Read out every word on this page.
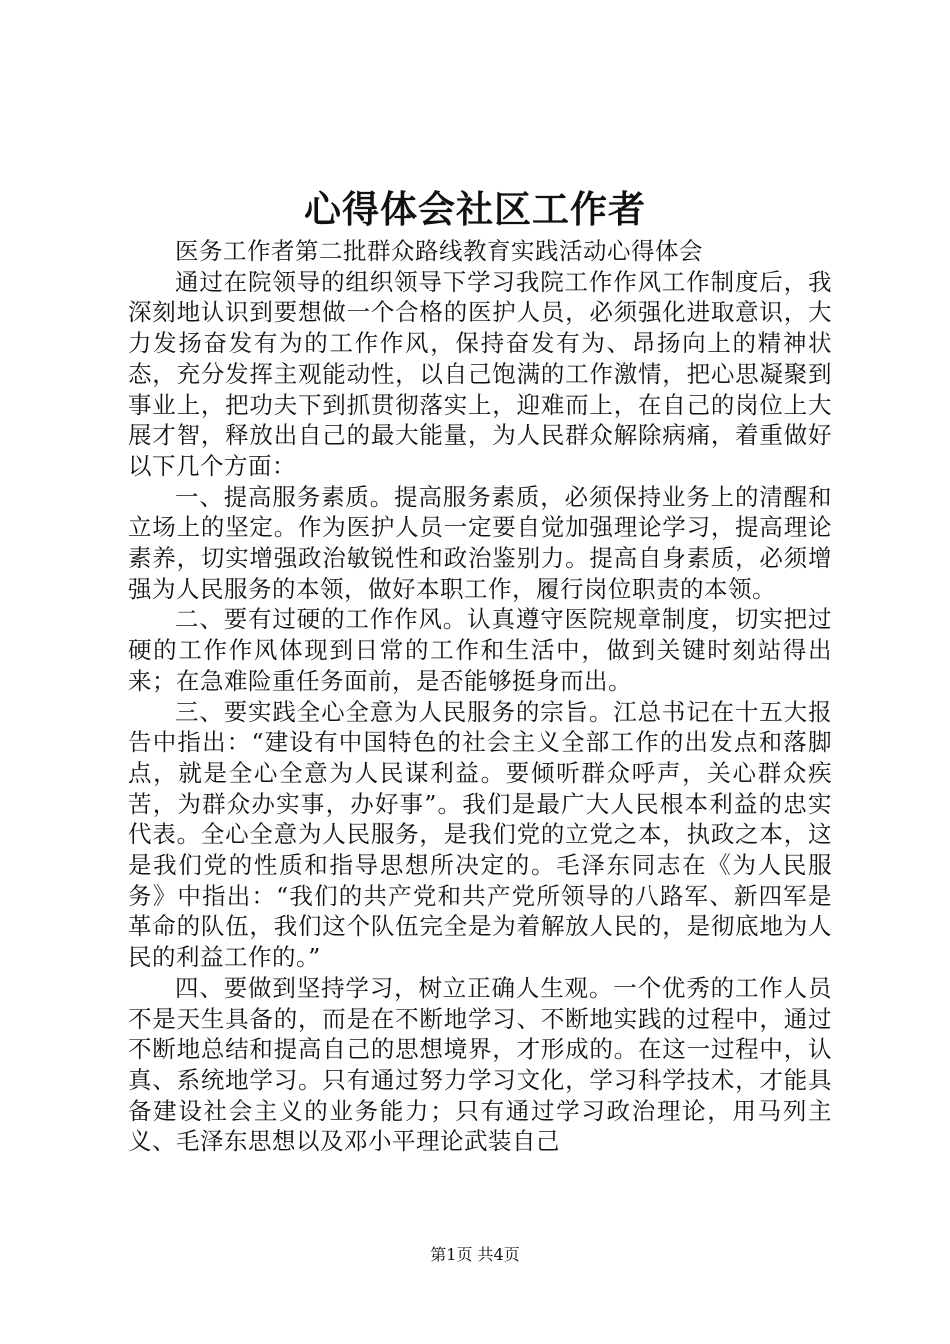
心得体会社区工作者

医务工作者第二批群众路线教育实践活动心得体会

通过在院领导的组织领导下学习我院工作作风工作制度后，我深刻地认识到要想做一个合格的医护人员，必须强化进取意识，大力发扬奋发有为的工作作风，保持奋发有为、昂扬向上的精神状态，充分发挥主观能动性，以自己饱满的工作激情，把心思凝聚到事业上，把功夫下到抓贯彻落实上，迎难而上，在自己的岗位上大展才智，释放出自己的最大能量，为人民群众解除病痛，着重做好以下几个方面：

一、提高服务素质。提高服务素质，必须保持业务上的清醒和立场上的坚定。作为医护人员一定要自觉加强理论学习，提高理论素养，切实增强政治敏锐性和政治鉴别力。提高自身素质，必须增强为人民服务的本领，做好本职工作，履行岗位职责的本领。

二、要有过硬的工作作风。认真遵守医院规章制度，切实把过硬的工作作风体现到日常的工作和生活中，做到关键时刻站得出来；在急难险重任务面前，是否能够挺身而出。

三、要实践全心全意为人民服务的宗旨。江总书记在十五大报告中指出：“建设有中国特色的社会主义全部工作的出发点和落脚点，就是全心全意为人民谋利益。要倾听群众呼声，关心群众疾苦，为群众办实事，办好事”。我们是最广大人民根本利益的忠实代表。全心全意为人民服务，是我们党的立党之本，执政之本，这是我们党的性质和指导思想所决定的。毛泽东同志在《为人民服务》中指出：“我们的共产党和共产党所领导的八路军、新四军是革命的队伍，我们这个队伍完全是为着解放人民的，是彻底地为人民的利益工作的。”

四、要做到坚持学习，树立正确人生观。一个优秀的工作人员不是天生具备的，而是在不断地学习、不断地实践的过程中，通过不断地总结和提高自己的思想境界，才形成的。在这一过程中，认真、系统地学习。只有通过努力学习文化，学习科学技术，才能具备建设社会主义的业务能力；只有通过学习政治理论，用马列主义、毛泽东思想以及邓小平理论武装自己

第1页 共4页
